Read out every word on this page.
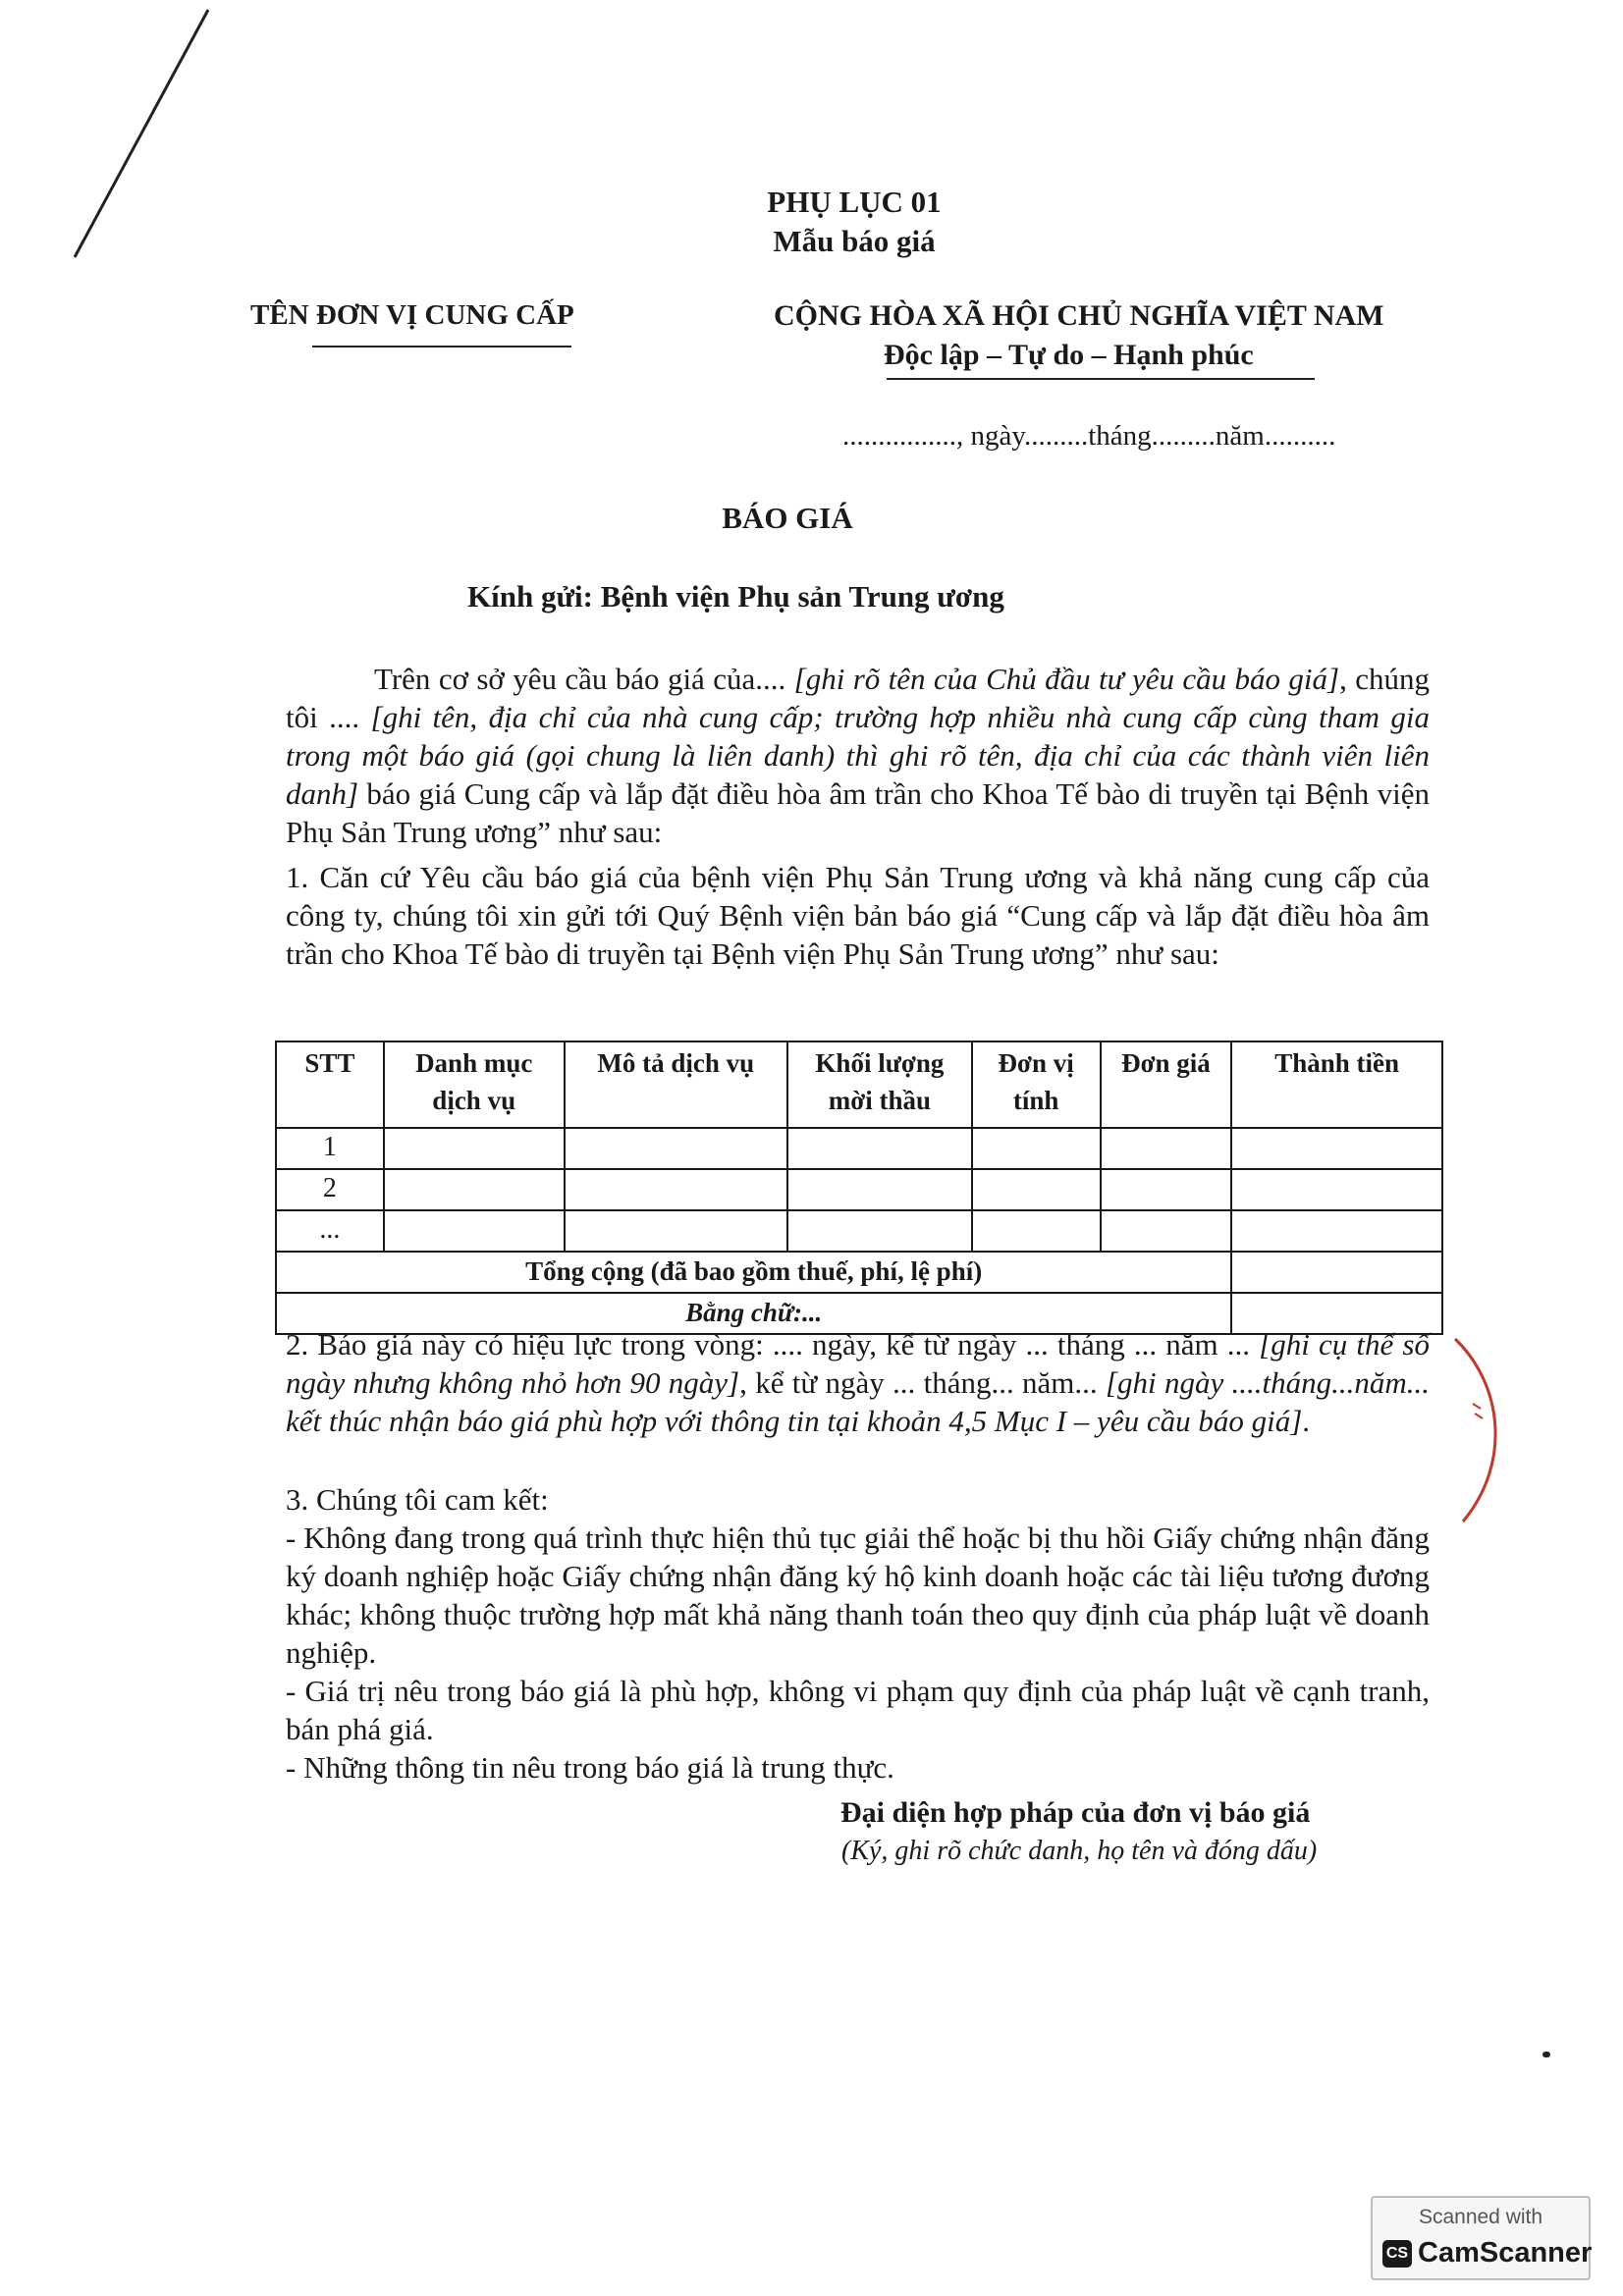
PHỤ LỤC 01
Mẫu báo giá
TÊN ĐƠN VỊ CUNG CẤP	CỘNG HÒA XÃ HỘI CHỦ NGHĨA VIỆT NAM
Độc lập – Tự do – Hạnh phúc
................, ngày.........tháng.........năm..........
BÁO GIÁ
Kính gửi: Bệnh viện Phụ sản Trung ương
Trên cơ sở yêu cầu báo giá của.... [ghi rõ tên của Chủ đầu tư yêu cầu báo giá], chúng tôi .... [ghi tên, địa chỉ của nhà cung cấp; trường hợp nhiều nhà cung cấp cùng tham gia trong một báo giá (gọi chung là liên danh) thì ghi rõ tên, địa chỉ của các thành viên liên danh] báo giá Cung cấp và lắp đặt điều hòa âm trần cho Khoa Tế bào di truyền tại Bệnh viện Phụ Sản Trung ương” như sau:
1. Căn cứ Yêu cầu báo giá của bệnh viện Phụ Sản Trung ương và khả năng cung cấp của công ty, chúng tôi xin gửi tới Quý Bệnh viện bản báo giá “Cung cấp và lắp đặt điều hòa âm trần cho Khoa Tế bào di truyền tại Bệnh viện Phụ Sản Trung ương” như sau:
STT	Danh mục dịch vụ	Mô tả dịch vụ	Khối lượng mời thầu	Đơn vị tính	Đơn giá	Thành tiền
1						
2						
...						
Tổng cộng (đã bao gồm thuế, phí, lệ phí)						
Bằng chữ:...						
2. Báo giá này có hiệu lực trong vòng: .... ngày, kể từ ngày ... tháng ... năm ... [ghi cụ thể số ngày nhưng không nhỏ hơn 90 ngày], kể từ ngày ... tháng... năm... [ghi ngày ....tháng...năm... kết thúc nhận báo giá phù hợp với thông tin tại khoản 4,5 Mục I – yêu cầu báo giá].

3. Chúng tôi cam kết:

- Không đang trong quá trình thực hiện thủ tục giải thể hoặc bị thu hồi Giấy chứng nhận đăng ký doanh nghiệp hoặc Giấy chứng nhận đăng ký hộ kinh doanh hoặc các tài liệu tương đương khác; không thuộc trường hợp mất khả năng thanh toán theo quy định của pháp luật về doanh nghiệp.

- Giá trị nêu trong báo giá là phù hợp, không vi phạm quy định của pháp luật về cạnh tranh, bán phá giá.

- Những thông tin nêu trong báo giá là trung thực.

Đại diện hợp pháp của đơn vị báo giá
(Ký, ghi rõ chức danh, họ tên và đóng dấu)
Scanned with
CS CamScanner
